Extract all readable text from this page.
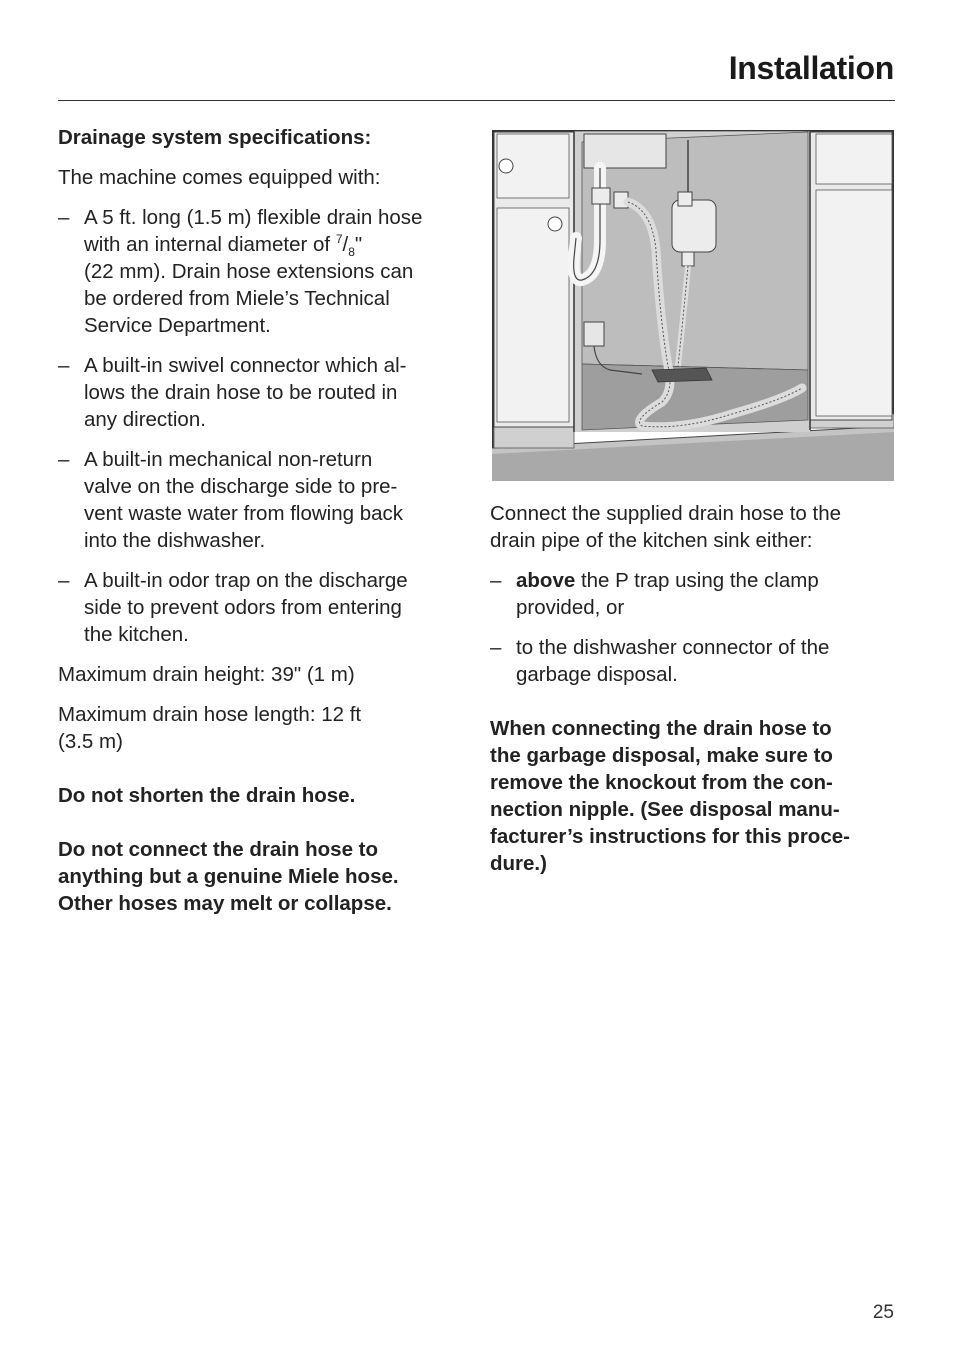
Installation
Drainage system specifications:

The machine comes equipped with:

– A 5 ft. long (1.5 m) flexible drain hose
with an internal diameter of $^7/_8$"
(22 mm). Drain hose extensions can
be ordered from Miele’s Technical
Service Department.
– A built-in swivel connector which al-
lows the drain hose to be routed in
any direction.
– A built-in mechanical non-return
valve on the discharge side to pre-
vent waste water from flowing back
into the dishwasher.
– A built-in odor trap on the discharge
side to prevent odors from entering
the kitchen.

Maximum drain height: 39" (1 m)

Maximum drain hose length: 12 ft
(3.5 m)

Do not shorten the drain hose.
Do not connect the drain hose to
anything but a genuine Miele hose.
Other hoses may melt or collapse.

Connect the supplied drain hose to the
drain pipe of the kitchen sink either:

– above the P trap using the clamp
provided, or
– to the dishwasher connector of the
garbage disposal.
When connecting the drain hose to
the garbage disposal, make sure to
remove the knockout from the con-
nection nipple. (See disposal manu-
facturer’s instructions for this proce-
dure.)
25
